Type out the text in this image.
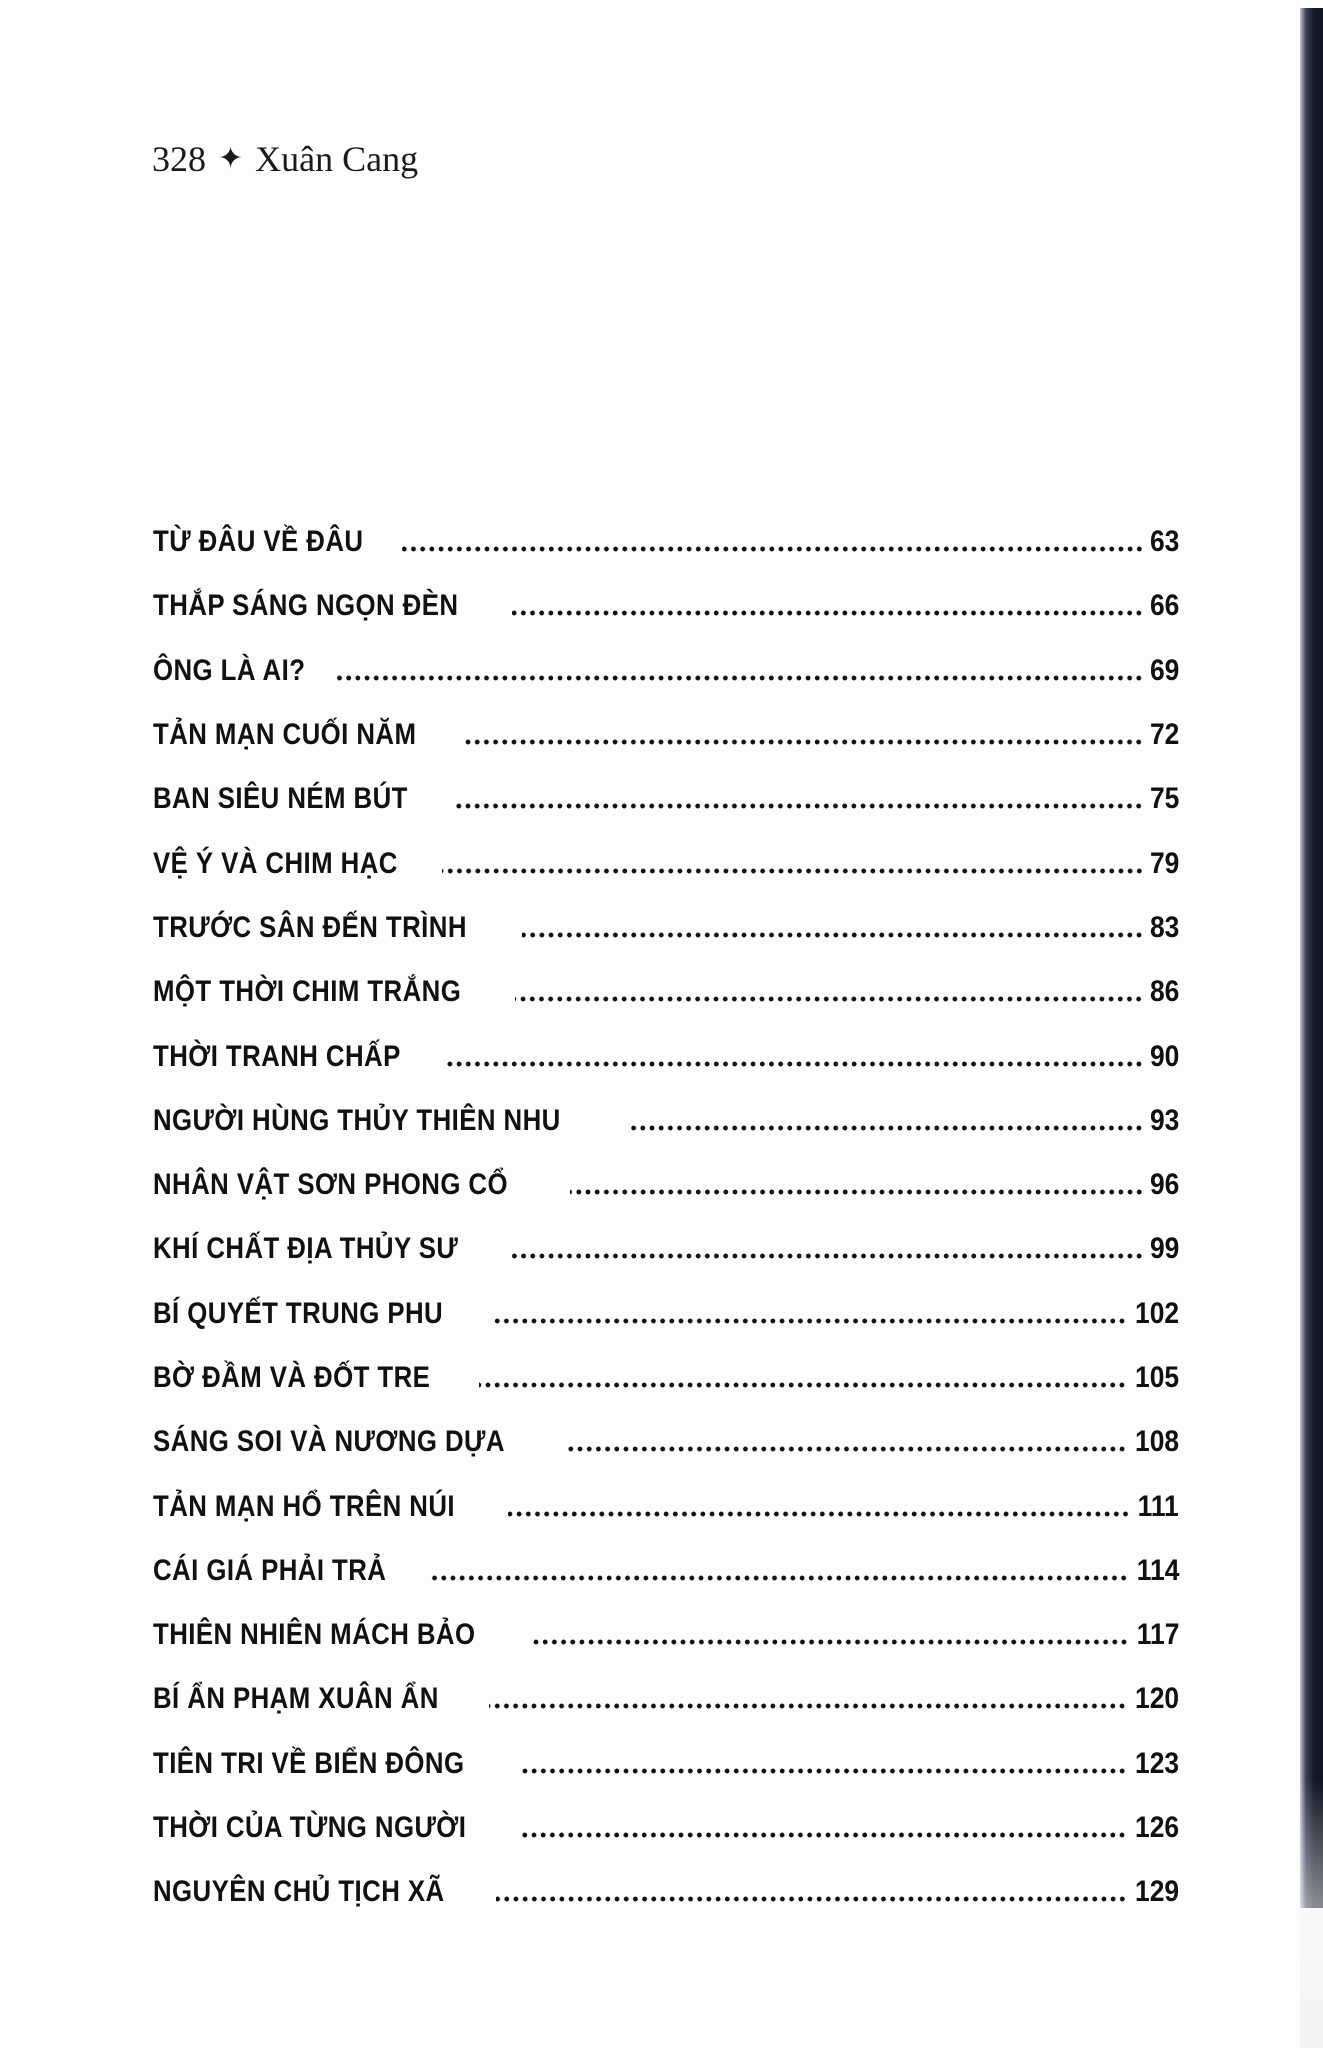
328 ✦ Xuân Cang
TỪ ĐÂU VỀ ĐÂU	63
THẮP SÁNG NGỌN ĐÈN	66
ÔNG LÀ AI?	69
TẢN MẠN CUỐI NĂM	72
BAN SIÊU NÉM BÚT	75
VỆ Ý VÀ CHIM HẠC	79
TRƯỚC SÂN ĐẾN TRÌNH	83
MỘT THỜI CHIM TRẮNG	86
THỜI TRANH CHẤP	90
NGƯỜI HÙNG THỦY THIÊN NHU	93
NHÂN VẬT SƠN PHONG CỔ	96
KHÍ CHẤT ĐỊA THỦY SƯ	99
BÍ QUYẾT TRUNG PHU	102
BỜ ĐẦM VÀ ĐỐT TRE	105
SÁNG SOI VÀ NƯƠNG DỰA	108
TẢN MẠN HỔ TRÊN NÚI	111
CÁI GIÁ PHẢI TRẢ	114
THIÊN NHIÊN MÁCH BẢO	117
BÍ ẨN PHẠM XUÂN ẨN	120
TIÊN TRI VỀ BIỂN ĐÔNG	123
THỜI CỦA TỪNG NGƯỜI	126
NGUYÊN CHỦ TỊCH XÃ	129
